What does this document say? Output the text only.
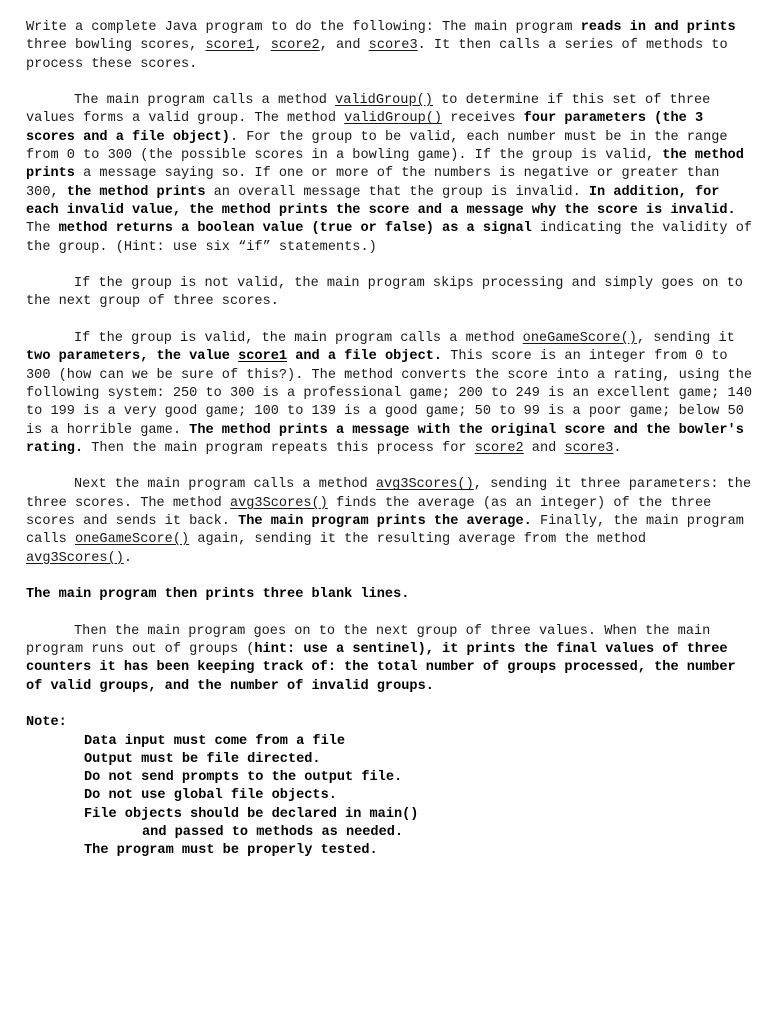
Write a complete Java program to do the following: The main program reads in and prints three bowling scores, score1, score2, and score3. It then calls a series of methods to process these scores.

The main program calls a method validGroup() to determine if this set of three values forms a valid group. The method validGroup() receives four parameters (the 3 scores and a file object). For the group to be valid, each number must be in the range from 0 to 300 (the possible scores in a bowling game). If the group is valid, the method prints a message saying so. If one or more of the numbers is negative or greater than 300, the method prints an overall message that the group is invalid. In addition, for each invalid value, the method prints the score and a message why the score is invalid. The method returns a boolean value (true or false) as a signal indicating the validity of the group. (Hint: use six “if” statements.)

If the group is not valid, the main program skips processing and simply goes on to the next group of three scores.

If the group is valid, the main program calls a method oneGameScore(), sending it two parameters, the value score1 and a file object. This score is an integer from 0 to 300 (how can we be sure of this?). The method converts the score into a rating, using the following system: 250 to 300 is a professional game; 200 to 249 is an excellent game; 140 to 199 is a very good game; 100 to 139 is a good game; 50 to 99 is a poor game; below 50 is a horrible game. The method prints a message with the original score and the bowler's rating. Then the main program repeats this process for score2 and score3.

Next the main program calls a method avg3Scores(), sending it three parameters: the three scores. The method avg3Scores() finds the average (as an integer) of the three scores and sends it back. The main program prints the average. Finally, the main program calls oneGameScore() again, sending it the resulting average from the method avg3Scores().

The main program then prints three blank lines.

Then the main program goes on to the next group of three values. When the main program runs out of groups (hint: use a sentinel), it prints the final values of three counters it has been keeping track of: the total number of groups processed, the number of valid groups, and the number of invalid groups.

Note:

Data input must come from a file
Output must be file directed.
Do not send prompts to the output file.
Do not use global file objects.
File objects should be declared in main()
and passed to methods as needed.
The program must be properly tested.
